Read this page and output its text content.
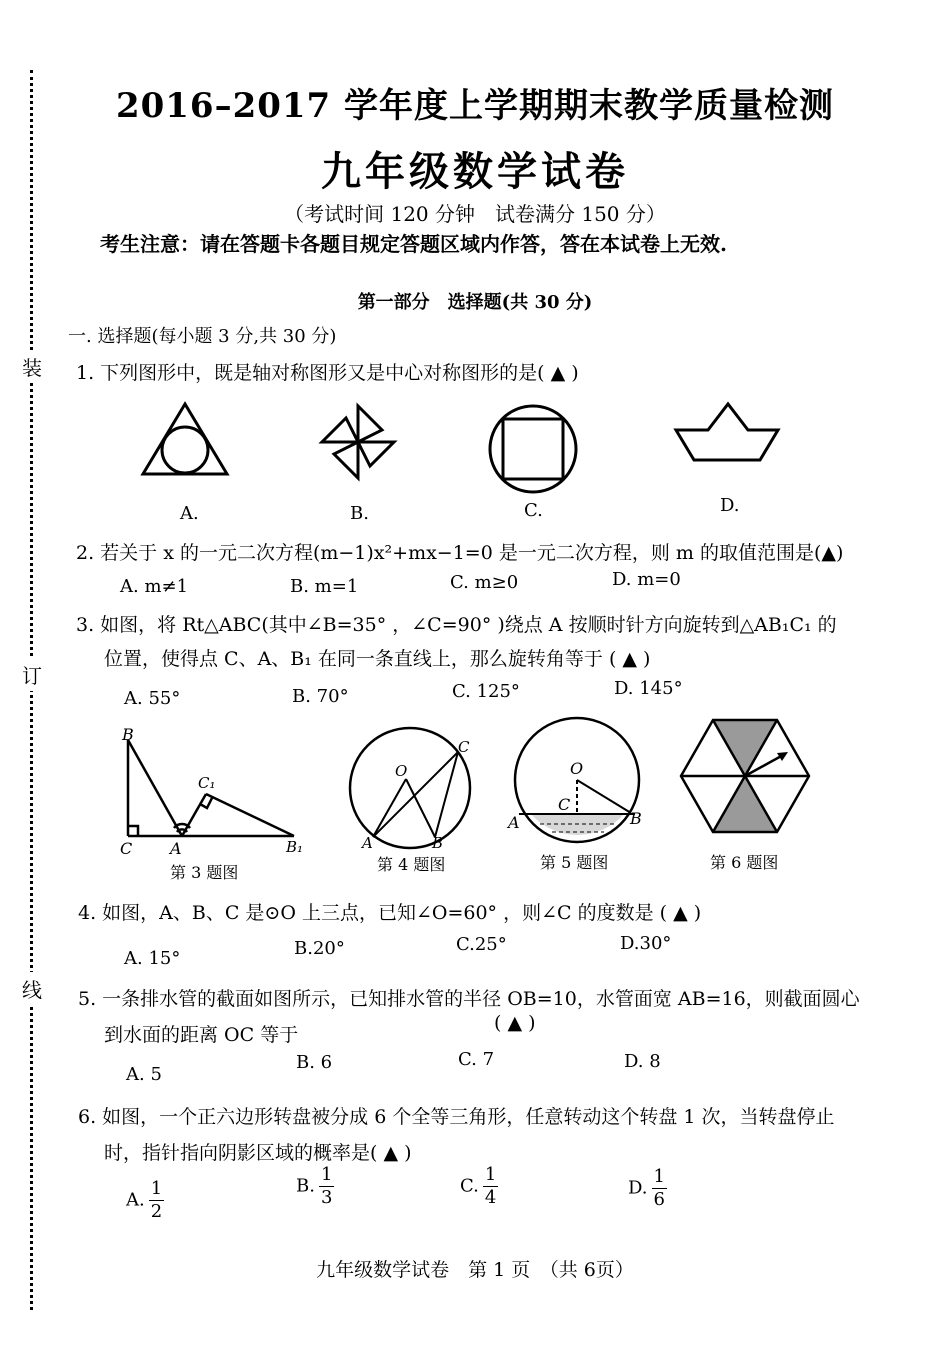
装
订
线
2016–2017 学年度上学期期末教学质量检测
九年级数学试卷
（考试时间 120 分钟　试卷满分 150 分）
考生注意：请在答题卡各题目规定答题区域内作答，答在本试卷上无效.
第一部分　选择题(共 30 分)
一. 选择题(每小题 3 分,共 30 分)
1. 下列图形中，既是轴对称图形又是中心对称图形的是( ▲ )
A.	B.	C.	D.
2. 若关于 x 的一元二次方程(m−1)x²+mx−1=0 是一元二次方程，则 m 的取值范围是(▲)
A. m≠1	B. m=1	C. m≥0	D. m=0
3. 如图，将 Rt△ABC(其中∠B=35° ，∠C=90° )绕点 A 按顺时针方向旋转到△AB₁C₁ 的
位置，使得点 C、A、B₁ 在同一条直线上，那么旋转角等于 ( ▲ )
A. 55°	B. 70°	C. 125°	D. 145°
B
C₁
C A	B₁
第 3 题图
O
C
A	B
第 4 题图
O
C
A	B
第 5 题图	第 6 题图
4. 如图，A、B、C 是⊙O 上三点，已知∠O=60° ，则∠C 的度数是 ( ▲ )
A. 15°	B.20°	C.25°	D.30°
5. 一条排水管的截面如图所示，已知排水管的半径 OB=10，水管面宽 AB=16，则截面圆心
到水面的距离 OC 等于
( ▲ )
A. 5
B. 6	C. 7	D. 8
6. 如图，一个正六边形转盘被分成 6 个全等三角形，任意转动这个转盘 1 次，当转盘停止
时，指针指向阴影区域的概率是( ▲ )
A. $\frac{1}{2}$	B. $\frac{1}{3}$	C. $\frac{1}{4}$	D. $\frac{1}{6}$
九年级数学试卷　第 1 页　（共 6页）
